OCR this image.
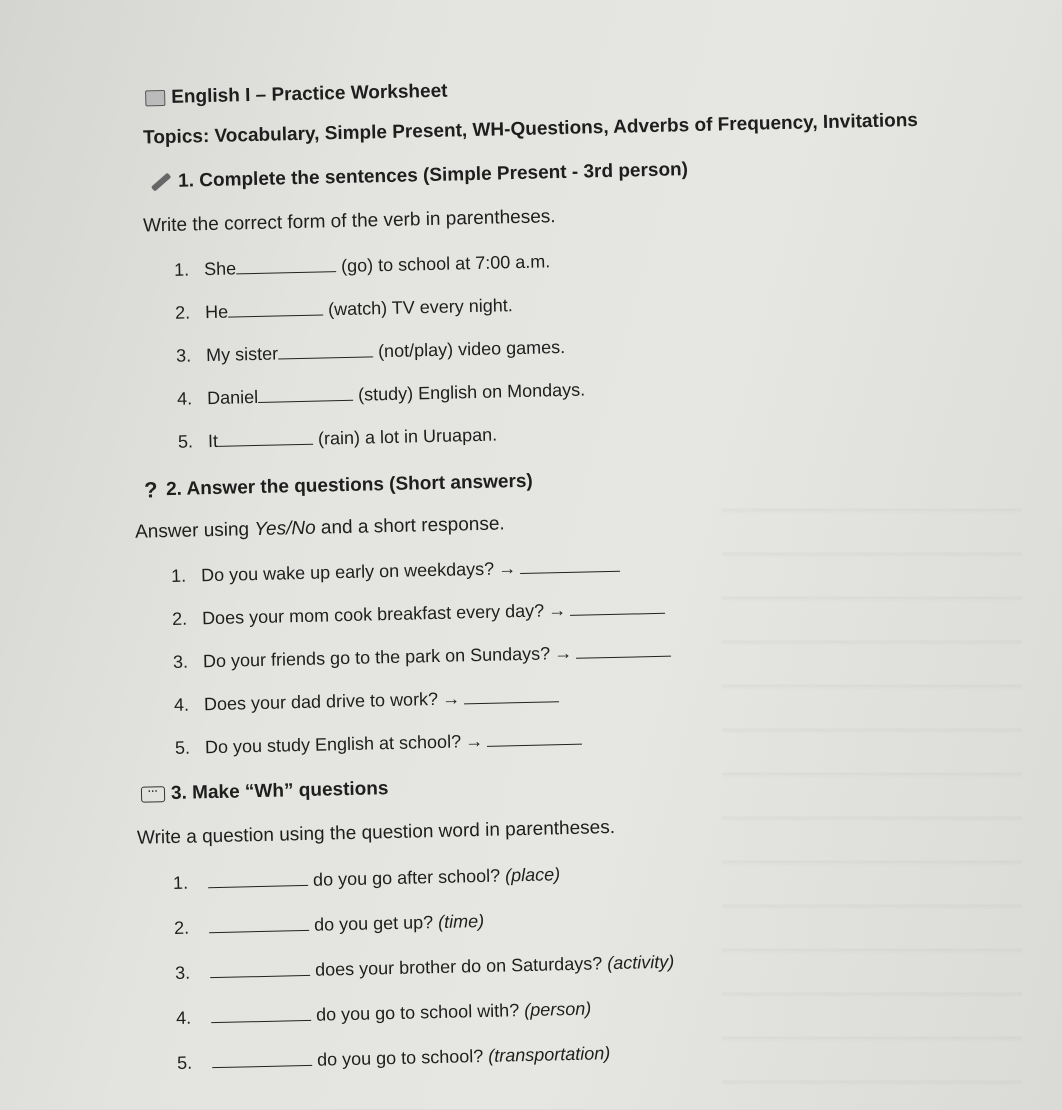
English I – Practice Worksheet
Topics: Vocabulary, Simple Present, WH-Questions, Adverbs of Frequency, Invitations
1. Complete the sentences (Simple Present - 3rd person)
Write the correct form of the verb in parentheses.
1. She	(go) to school at 7:00 a.m.
2. He	(watch) TV every night.
3. My sister	(not/play) video games.
4. Daniel	(study) English on Mondays.
5. It	(rain) a lot in Uruapan.
? 2. Answer the questions (Short answers)
Answer using Yes/No and a short response.
1. Do you wake up early on weekdays? →
2. Does your mom cook breakfast every day? →
3. Do your friends go to the park on Sundays? →
4. Does your dad drive to work? →
5. Do you study English at school? →
··· 3. Make “Wh” questions
Write a question using the question word in parentheses.
1.	do you go after school? (place)
2.	do you get up? (time)
3.	does your brother do on Saturdays? (activity)
4.	do you go to school with? (person)
5.	do you go to school? (transportation)
